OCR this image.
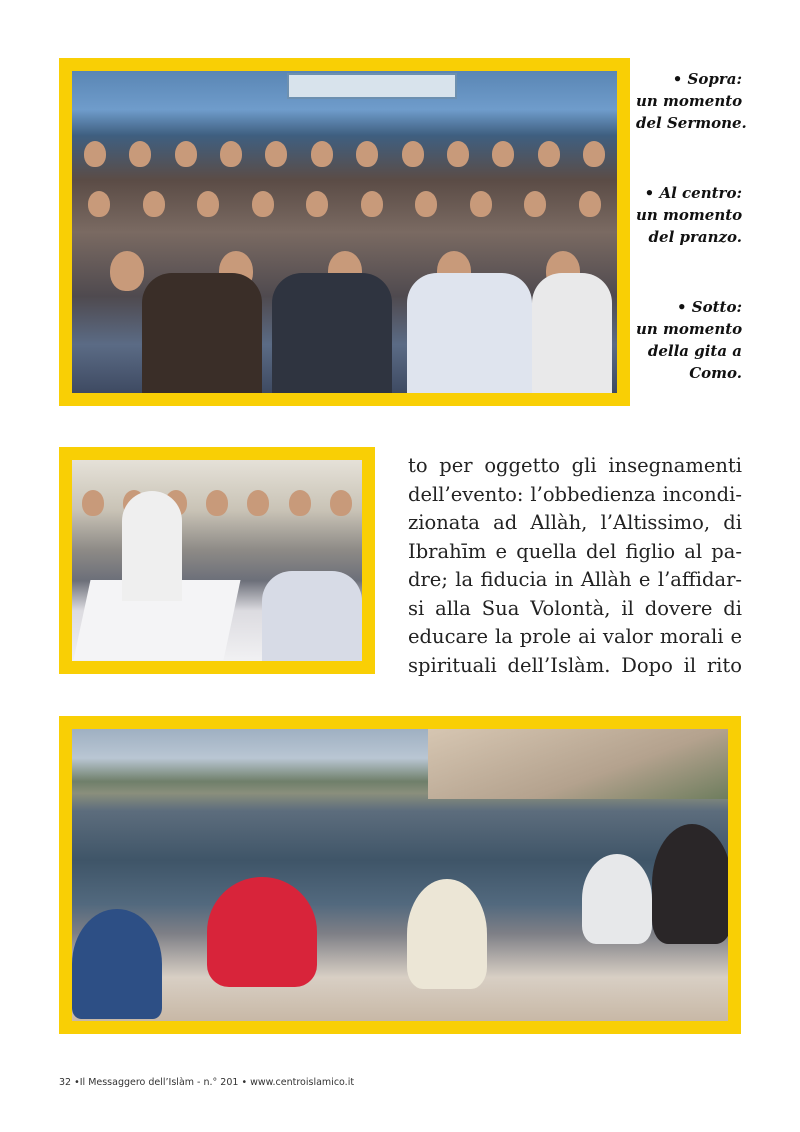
• Sopra:
un momento
del Sermone.
• Al centro:
un momento
del pranzo.
• Sotto:
un momento
della gita a
Como.
to per oggetto gli insegnamenti
dell’evento: l’obbedienza incondi-
zionata ad Allàh, l’Altissimo, di
Ibrahīm e quella del figlio al pa-
dre; la fiducia in Allàh e l’affidar-
si alla Sua Volontà, il dovere di
educare la prole ai valor morali e
spirituali dell’Islàm. Dopo il rito
32 •Il Messaggero dell’Islàm - n.° 201 • www.centroislamico.it
